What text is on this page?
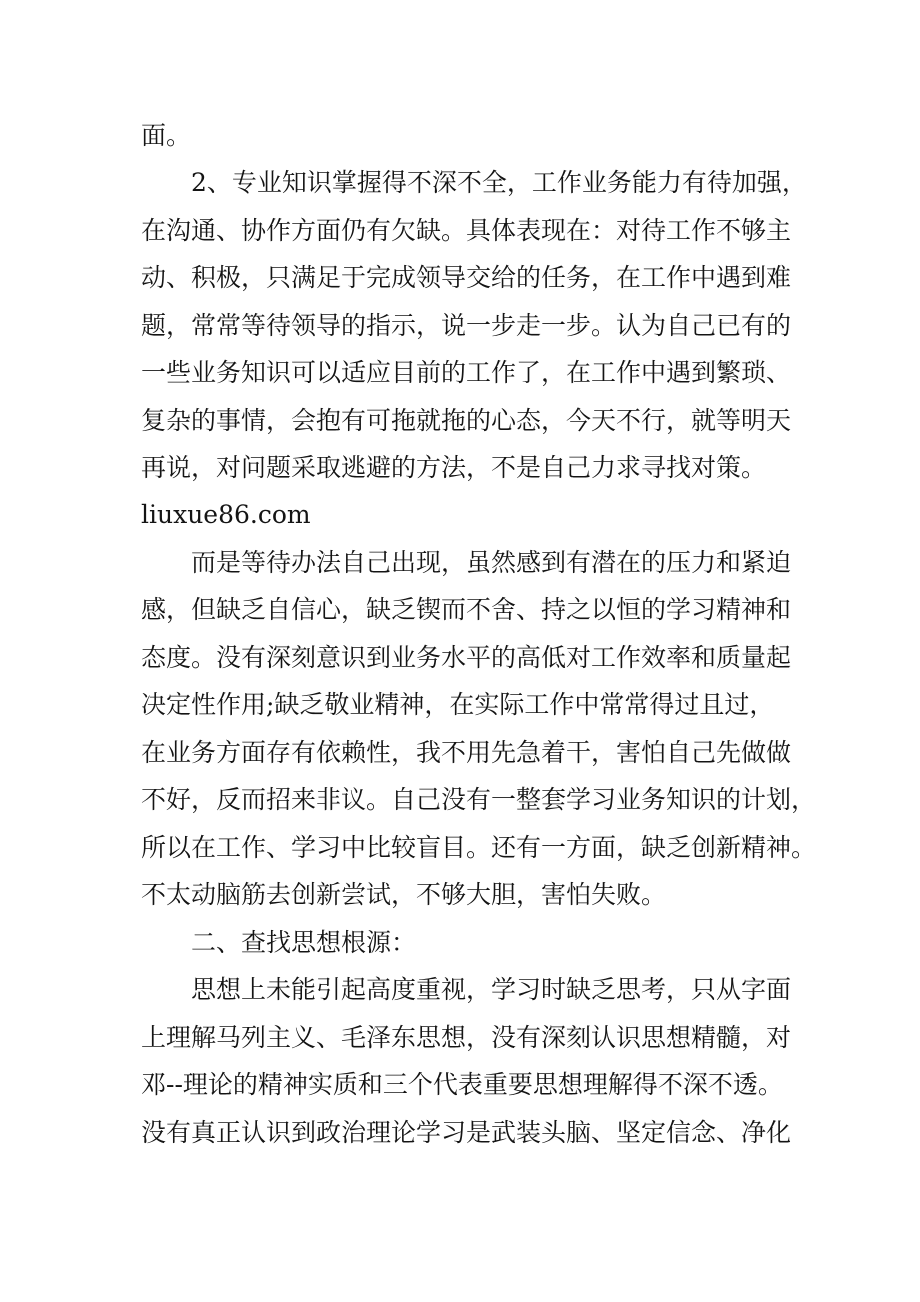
面。
2、专业知识掌握得不深不全，工作业务能力有待加强，
在沟通、协作方面仍有欠缺。具体表现在：对待工作不够主
动、积极，只满足于完成领导交给的任务，在工作中遇到难
题，常常等待领导的指示，说一步走一步。认为自己已有的
一些业务知识可以适应目前的工作了，在工作中遇到繁琐、
复杂的事情，会抱有可拖就拖的心态，今天不行，就等明天
再说，对问题采取逃避的方法，不是自己力求寻找对策。
liuxue86.com
而是等待办法自己出现，虽然感到有潜在的压力和紧迫
感，但缺乏自信心，缺乏锲而不舍、持之以恒的学习精神和
态度。没有深刻意识到业务水平的高低对工作效率和质量起
决定性作用;缺乏敬业精神，在实际工作中常常得过且过，
在业务方面存有依赖性，我不用先急着干，害怕自己先做做
不好，反而招来非议。自己没有一整套学习业务知识的计划，
所以在工作、学习中比较盲目。还有一方面，缺乏创新精神。
不太动脑筋去创新尝试，不够大胆，害怕失败。
二、查找思想根源：
思想上未能引起高度重视，学习时缺乏思考，只从字面
上理解马列主义、毛泽东思想，没有深刻认识思想精髓，对
邓--理论的精神实质和三个代表重要思想理解得不深不透。
没有真正认识到政治理论学习是武装头脑、坚定信念、净化
